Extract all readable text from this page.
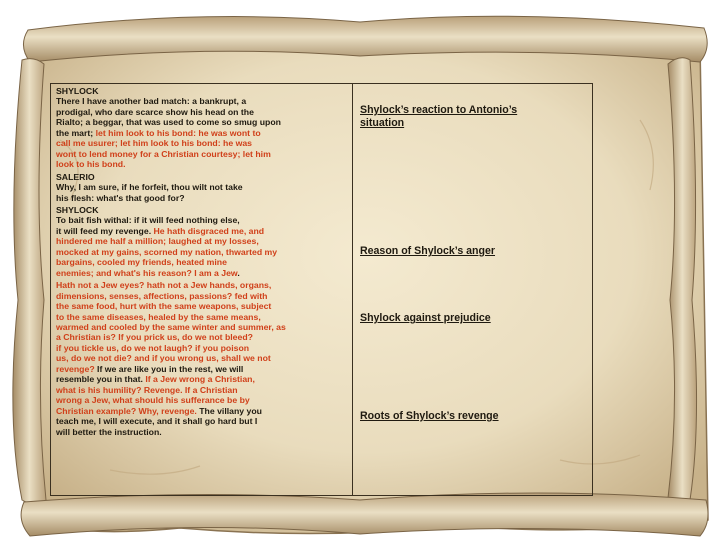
SHYLOCK

There I have another bad match: a bankrupt, a

prodigal, who dare scarce show his head on the

Rialto; a beggar, that was used to come so smug upon

the mart; let him look to his bond: he was wont to

call me usurer; let him look to his bond: he was

wont to lend money for a Christian courtesy; let him

look to his bond.

SALERIO

Why, I am sure, if he forfeit, thou wilt not take

his flesh: what's that good for?

SHYLOCK

To bait fish withal: if it will feed nothing else,

it will feed my revenge. He hath disgraced me, and

hindered me half a million; laughed at my losses,

mocked at my gains, scorned my nation, thwarted my

bargains, cooled my friends, heated mine

enemies; and what's his reason? I am a Jew.

Hath not a Jew eyes? hath not a Jew hands, organs,

dimensions, senses, affections, passions? fed with

the same food, hurt with the same weapons, subject

to the same diseases, healed by the same means,

warmed and cooled by the same winter and summer, as

a Christian is? If you prick us, do we not bleed?

if you tickle us, do we not laugh? if you poison

us, do we not die? and if you wrong us, shall we not

revenge? If we are like you in the rest, we will

resemble you in that. If a Jew wrong a Christian,

what is his humility? Revenge. If a Christian

wrong a Jew, what should his sufferance be by

Christian example? Why, revenge. The villany you

teach me, I will execute, and it shall go hard but I

will better the instruction.

Shylock’s reaction to Antonio’s
situation
Reason of Shylock’s anger
Shylock against prejudice
Roots of Shylock’s revenge
